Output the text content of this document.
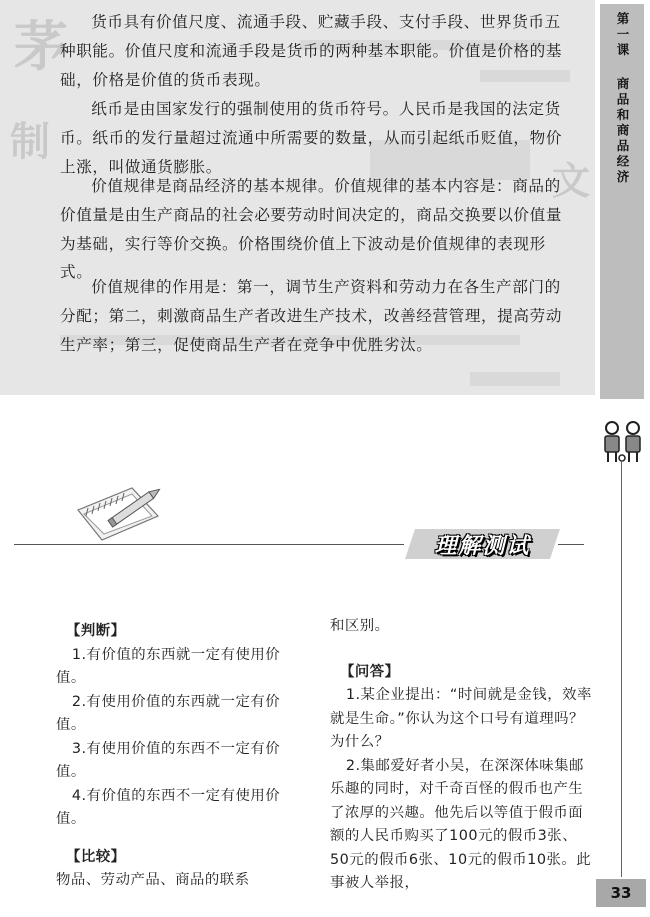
茅
制
文

货币具有价值尺度、流通手段、贮藏手段、支付手段、世界货币五种职能。价值尺度和流通手段是货币的两种基本职能。价值是价格的基础，价格是价值的货币表现。

纸币是由国家发行的强制使用的货币符号。人民币是我国的法定货币。纸币的发行量超过流通中所需要的数量，从而引起纸币贬值，物价上涨，叫做通货膨胀。

价值规律是商品经济的基本规律。价值规律的基本内容是：商品的价值量是由生产商品的社会必要劳动时间决定的，商品交换要以价值量为基础，实行等价交换。价格围绕价值上下波动是价值规律的表现形式。

价值规律的作用是：第一，调节生产资料和劳动力在各生产部门的分配；第二，刺激商品生产者改进生产技术，改善经营管理，提高劳动生产率；第三，促使商品生产者在竞争中优胜劣汰。

第一课
商品和商品经济
理解测试

【判断】

1.有价值的东西就一定有使用价值。

2.有使用价值的东西就一定有价值。

3.有使用价值的东西不一定有价值。

4.有价值的东西不一定有使用价值。

【比较】

物品、劳动产品、商品的联系

和区别。

【问答】

1.某企业提出：“时间就是金钱，效率就是生命。”你认为这个口号有道理吗？为什么？

2.集邮爱好者小吴，在深深体味集邮乐趣的同时，对千奇百怪的假币也产生了浓厚的兴趣。他先后以等值于假币面额的人民币购买了100元的假币3张、50元的假币6张、10元的假币10张。此事被人举报，

33
